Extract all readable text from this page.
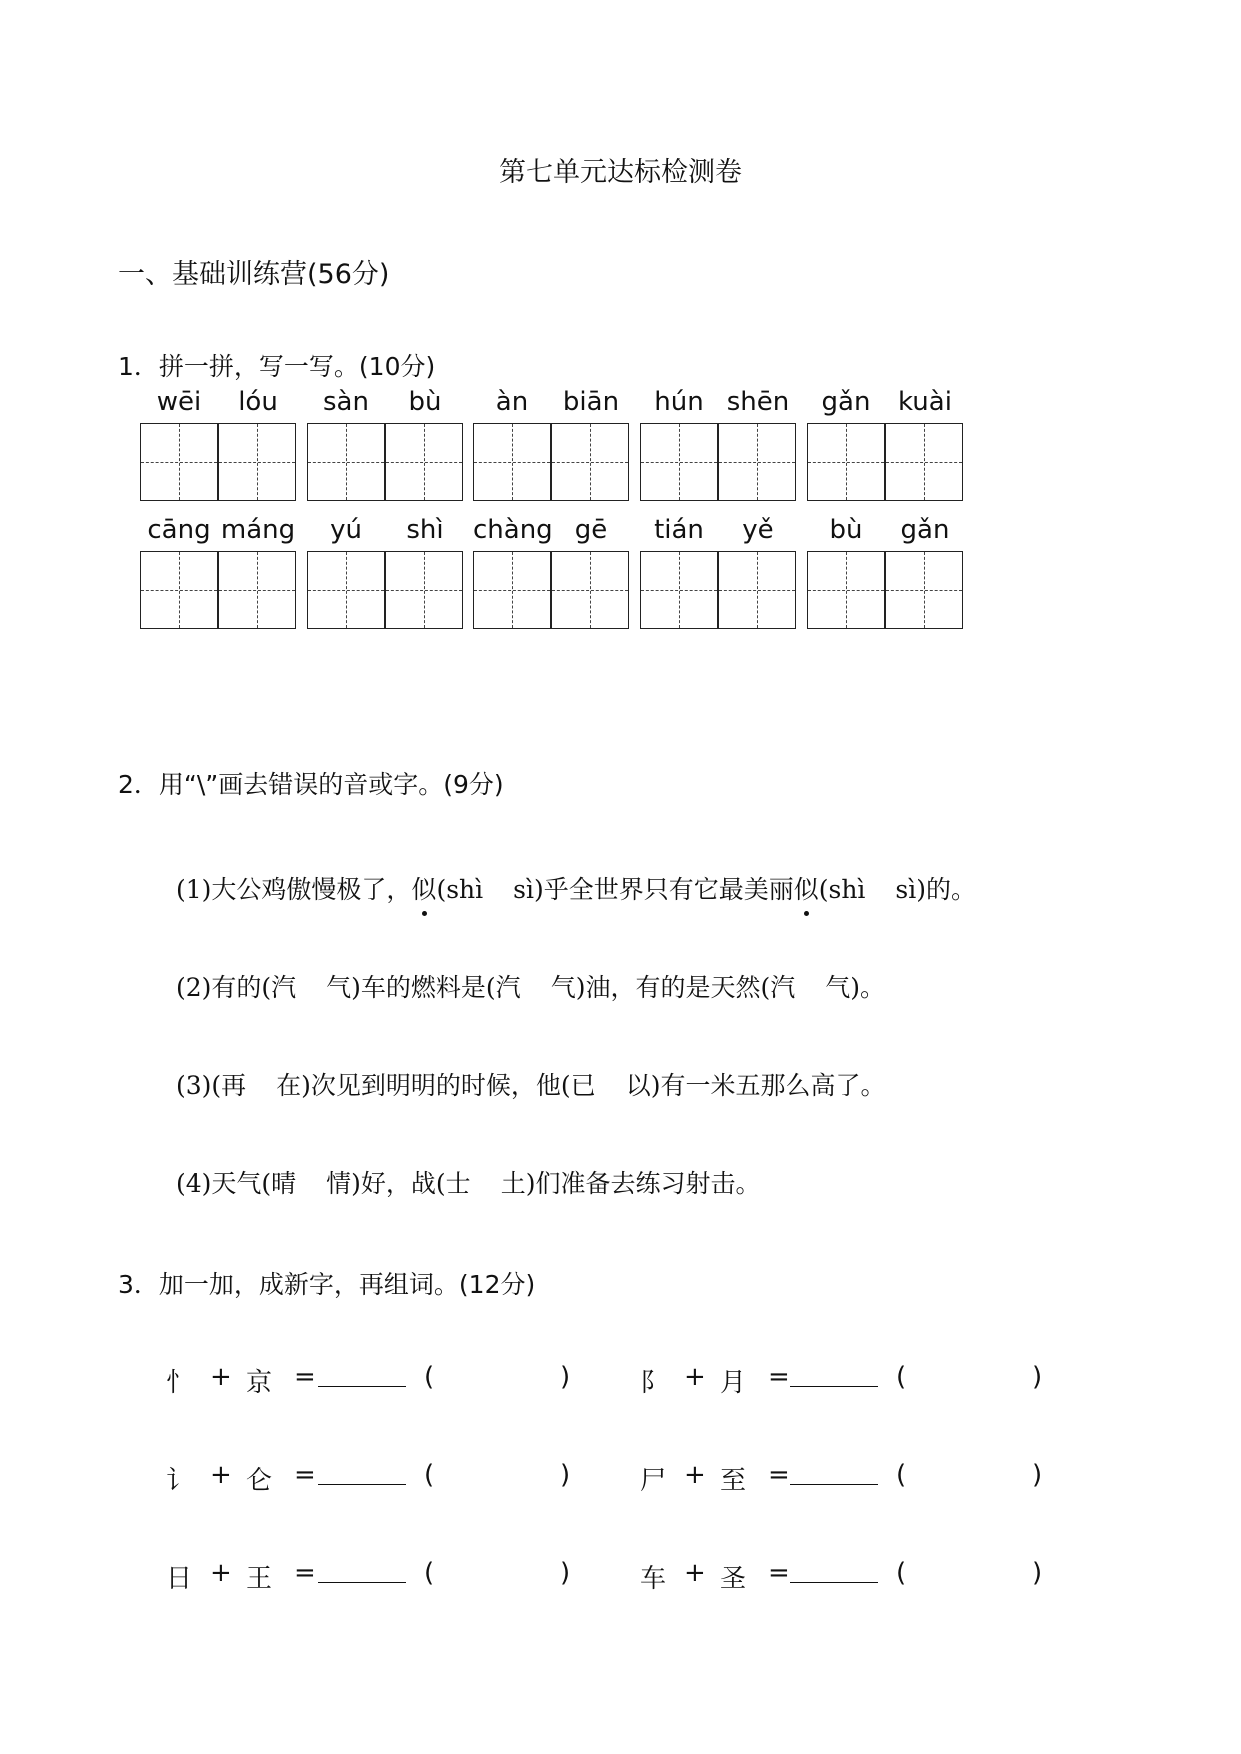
第七单元达标检测卷
一、基础训练营(56分)
1．拼一拼，写一写。(10分)
wēi	lóu	sàn	bù	àn	biān	hún shēn	gǎn	kuài
cāng máng	yú	shì	chàng gē	tián	yě	bù	gǎn
2．用“\”画去错误的音或字。(9分)
(1)大公鸡傲慢极了，似(shì sì)乎全世界只有它最美丽似(shì sì)的。
(2)有的(汽 气)车的燃料是(汽 气)油，有的是天然(汽 气)。
(3)(再 在)次见到明明的时候，他(已 以)有一米五那么高了。
(4)天气(晴 情)好，战(士 土)们准备去练习射击。
3．加一加，成新字，再组词。(12分)
忄 + 京 =	(	)	阝 + 月 =	(	)
讠 + 仑 =	(	)	尸 + 至 =	(	)
日 + 王 =	(	)	车 + 圣 =	(	)
